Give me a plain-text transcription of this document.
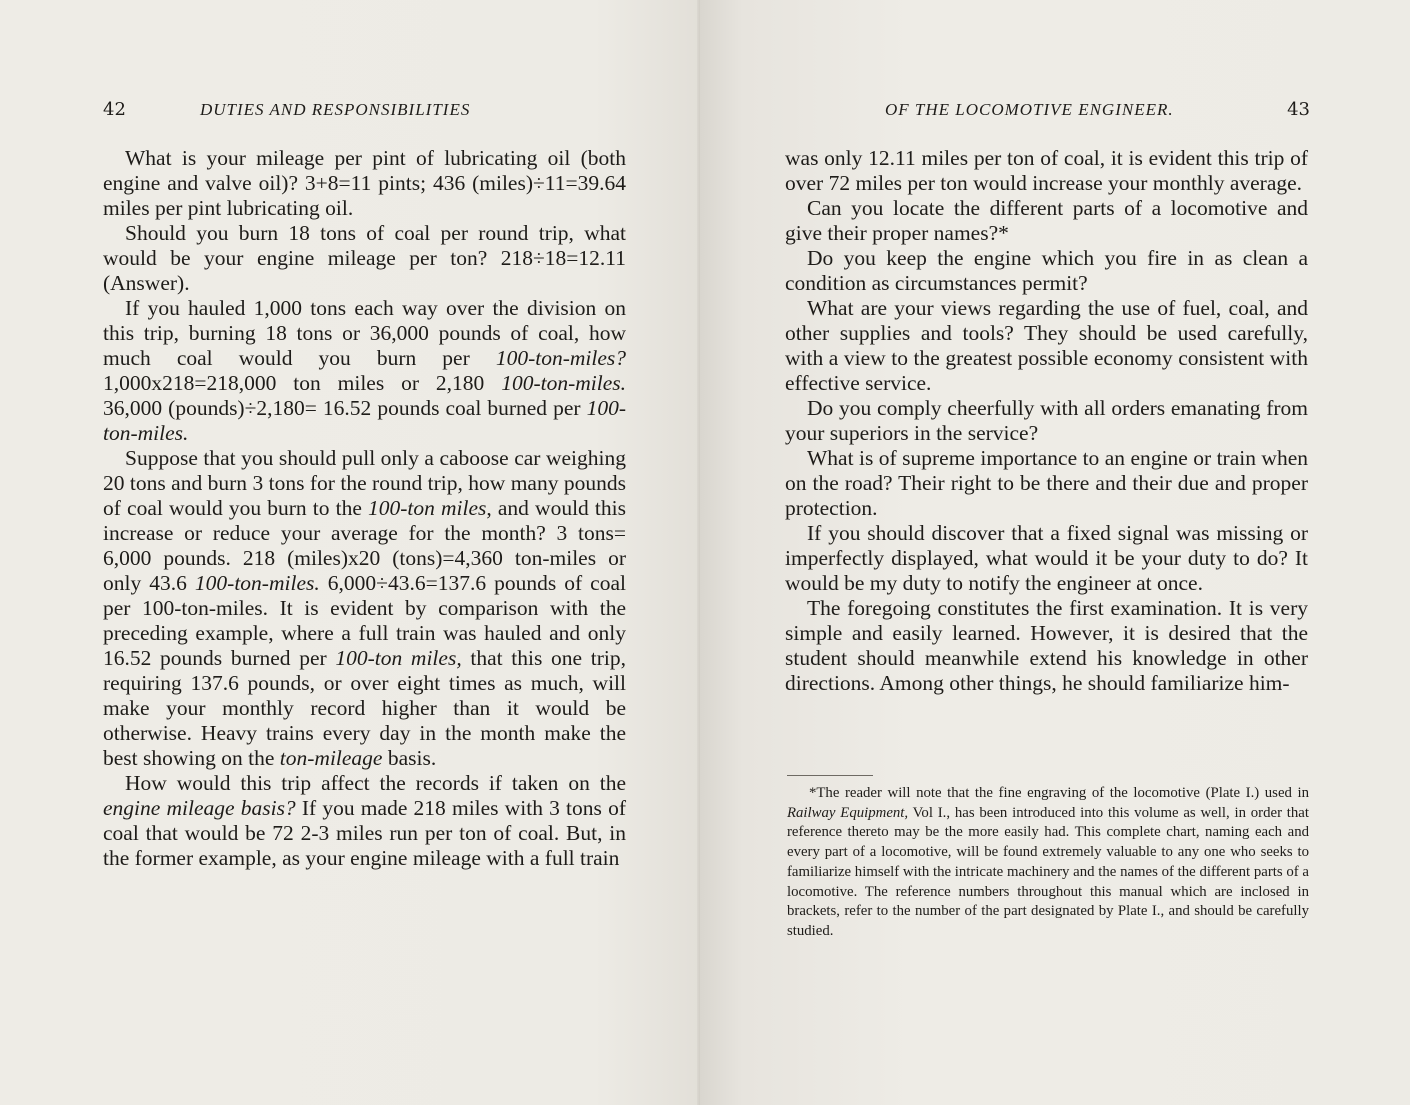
42	DUTIES AND RESPONSIBILITIES

What is your mileage per pint of lubricating oil (both engine and valve oil)? 3+8=11 pints; 436 (miles)÷11=39.64 miles per pint lubricating oil.

Should you burn 18 tons of coal per round trip, what would be your engine mileage per ton? 218÷18=12.11 (Answer).

If you hauled 1,000 tons each way over the division on this trip, burning 18 tons or 36,000 pounds of coal, how much coal would you burn per 100-ton-miles? 1,000x218=218,000 ton miles or 2,180 100-ton-miles. 36,000 (pounds)÷2,180= 16.52 pounds coal burned per 100-ton-miles.

Suppose that you should pull only a caboose car weighing 20 tons and burn 3 tons for the round trip, how many pounds of coal would you burn to the 100-ton miles, and would this increase or reduce your average for the month? 3 tons= 6,000 pounds. 218 (miles)x20 (tons)=4,360 ton-miles or only 43.6 100-ton-miles. 6,000÷43.6=137.6 pounds of coal per 100-ton-miles. It is evident by comparison with the preceding example, where a full train was hauled and only 16.52 pounds burned per 100-ton miles, that this one trip, requiring 137.6 pounds, or over eight times as much, will make your monthly record higher than it would be otherwise. Heavy trains every day in the month make the best showing on the ton-mileage basis.

How would this trip affect the records if taken on the engine mileage basis? If you made 218 miles with 3 tons of coal that would be 72 2-3 miles run per ton of coal. But, in the former example, as your engine mileage with a full train

OF THE LOCOMOTIVE ENGINEER.	43

was only 12.11 miles per ton of coal, it is evident this trip of over 72 miles per ton would increase your monthly average.

Can you locate the different parts of a locomotive and give their proper names?*

Do you keep the engine which you fire in as clean a condition as circumstances permit?

What are your views regarding the use of fuel, coal, and other supplies and tools? They should be used carefully, with a view to the greatest possible economy consistent with effective service.

Do you comply cheerfully with all orders emanating from your superiors in the service?

What is of supreme importance to an engine or train when on the road? Their right to be there and their due and proper protection.

If you should discover that a fixed signal was missing or imperfectly displayed, what would it be your duty to do? It would be my duty to notify the engineer at once.

The foregoing constitutes the first examination. It is very simple and easily learned. However, it is desired that the student should meanwhile extend his knowledge in other directions. Among other things, he should familiarize him-

*The reader will note that the fine engraving of the locomotive (Plate I.) used in Railway Equipment, Vol I., has been introduced into this volume as well, in order that reference thereto may be the more easily had. This complete chart, naming each and every part of a locomotive, will be found extremely valuable to any one who seeks to familiarize himself with the intricate machinery and the names of the different parts of a locomotive. The reference numbers throughout this manual which are inclosed in brackets, refer to the number of the part designated by Plate I., and should be carefully studied.
